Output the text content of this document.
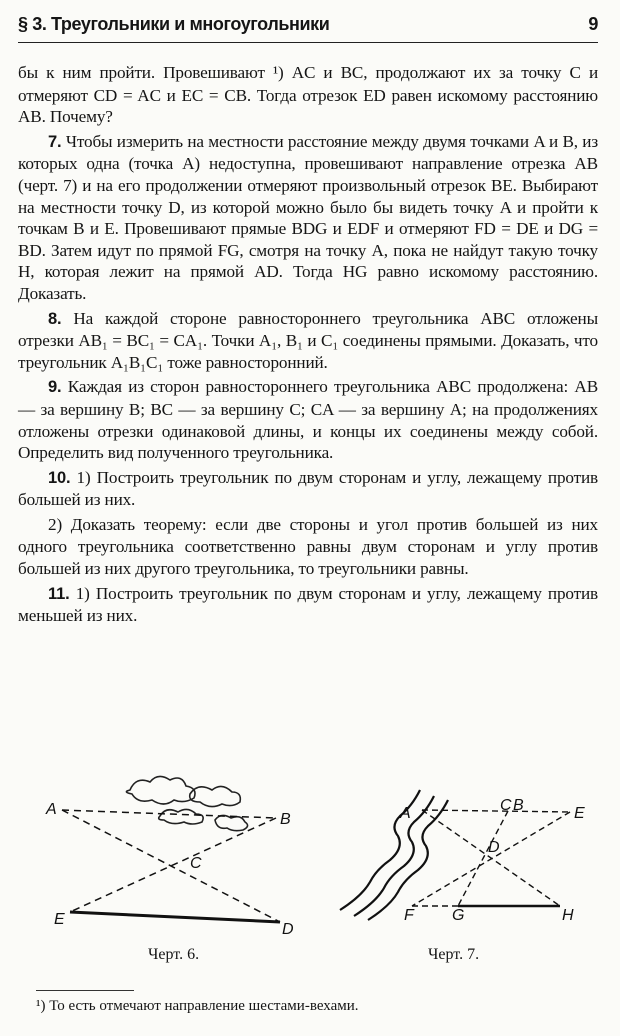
§ 3. Треугольники и многоугольники	9

бы к ним пройти. Провешивают ¹) AC и BC, продолжают их за точку C и отмеряют CD = AC и EC = CB. Тогда отрезок ED равен искомому расстоянию AB. Почему?

7. Чтобы измерить на местности расстояние между двумя точками A и B, из которых одна (точка A) недоступна, провешивают направление отрезка AB (черт. 7) и на его продолжении отмеряют произвольный отрезок BE. Выбирают на местности точку D, из которой можно было бы видеть точку A и пройти к точкам B и E. Провешивают прямые BDG и EDF и отмеряют FD = DE и DG = BD. Затем идут по прямой FG, смотря на точку A, пока не найдут такую точку H, которая лежит на прямой AD. Тогда HG равно искомому расстоянию. Доказать.

8. На каждой стороне равностороннего треугольника ABC отложены отрезки AB₁ = BC₁ = CA₁. Точки A₁, B₁ и C₁ соединены прямыми. Доказать, что треугольник A₁B₁C₁ тоже равносторонний.

9. Каждая из сторон равностороннего треугольника ABC продолжена: AB — за вершину B; BC — за вершину C; CA — за вершину A; на продолжениях отложены отрезки одинаковой длины, и концы их соединены между собой. Определить вид полученного треугольника.

10. 1) Построить треугольник по двум сторонам и углу, лежащему против большей из них.

2) Доказать теорему: если две стороны и угол против большей из них одного треугольника соответственно равны двум сторонам и углу против большей из них другого треугольника, то треугольники равны.

11. 1) Построить треугольник по двум сторонам и углу, лежащему против меньшей из них.

A
B
C
E
D
A	C B	E
D
F G	H
Черт. 6.	Черт. 7.
¹) То есть отмечают направление шестами-вехами.
